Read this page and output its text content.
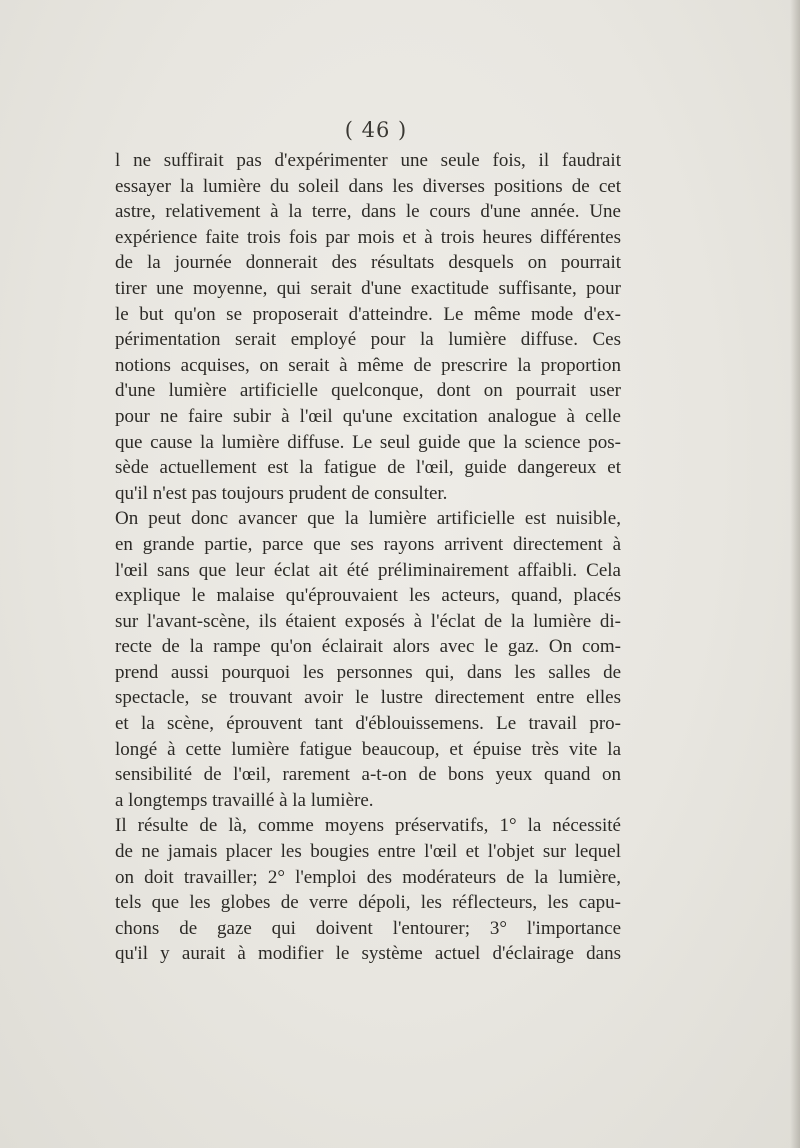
( 46 )
l ne suffirait pas d'expérimenter une seule fois, il faudrait
essayer la lumière du soleil dans les diverses positions de cet
astre, relativement à la terre, dans le cours d'une année. Une
expérience faite trois fois par mois et à trois heures différentes
de la journée donnerait des résultats desquels on pourrait
tirer une moyenne, qui serait d'une exactitude suffisante, pour
le but qu'on se proposerait d'atteindre. Le même mode d'ex-
périmentation serait employé pour la lumière diffuse. Ces
notions acquises, on serait à même de prescrire la proportion
d'une lumière artificielle quelconque, dont on pourrait user
pour ne faire subir à l'œil qu'une excitation analogue à celle
que cause la lumière diffuse. Le seul guide que la science pos-
sède actuellement est la fatigue de l'œil, guide dangereux et
qu'il n'est pas toujours prudent de consulter.
On peut donc avancer que la lumière artificielle est nuisible,
en grande partie, parce que ses rayons arrivent directement à
l'œil sans que leur éclat ait été préliminairement affaibli. Cela
explique le malaise qu'éprouvaient les acteurs, quand, placés
sur l'avant-scène, ils étaient exposés à l'éclat de la lumière di-
recte de la rampe qu'on éclairait alors avec le gaz. On com-
prend aussi pourquoi les personnes qui, dans les salles de
spectacle, se trouvant avoir le lustre directement entre elles
et la scène, éprouvent tant d'éblouissemens. Le travail pro-
longé à cette lumière fatigue beaucoup, et épuise très vite la
sensibilité de l'œil, rarement a-t-on de bons yeux quand on
a longtemps travaillé à la lumière.
Il résulte de là, comme moyens préservatifs, 1° la nécessité
de ne jamais placer les bougies entre l'œil et l'objet sur lequel
on doit travailler; 2° l'emploi des modérateurs de la lumière,
tels que les globes de verre dépoli, les réflecteurs, les capu-
chons de gaze qui doivent l'entourer; 3° l'importance
qu'il y aurait à modifier le système actuel d'éclairage dans
